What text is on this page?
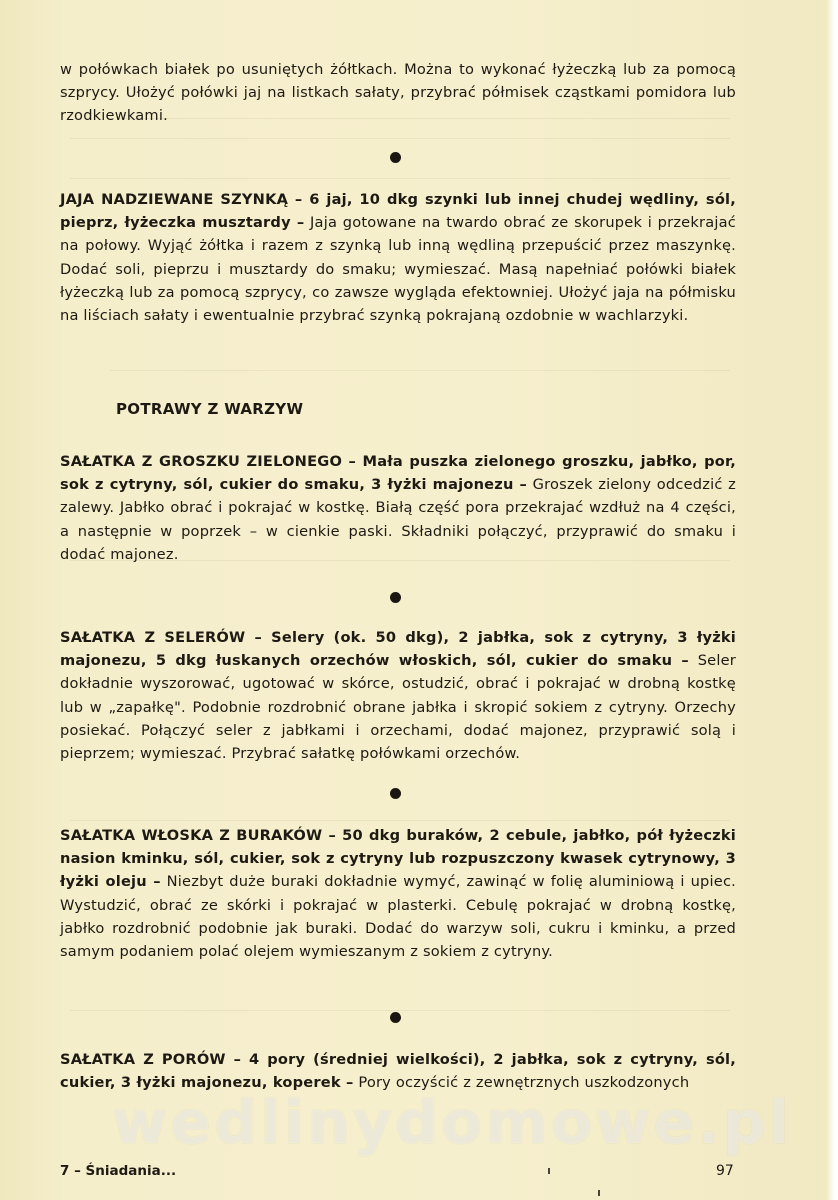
w połówkach białek po usuniętych żółtkach. Można to wykonać łyżeczką lub za pomocą szprycy. Ułożyć połówki jaj na listkach sałaty, przybrać półmisek cząstkami pomidora lub rzodkiewkami.

JAJA NADZIEWANE SZYNKĄ – 6 jaj, 10 dkg szynki lub innej chudej wędliny, sól, pieprz, łyżeczka musztardy – Jaja gotowane na twardo obrać ze skorupek i przekrajać na połowy. Wyjąć żółtka i razem z szynką lub inną wędliną przepuścić przez maszynkę. Dodać soli, pieprzu i musztardy do smaku; wymieszać. Masą napełniać połówki białek łyżeczką lub za pomocą szprycy, co zawsze wygląda efektowniej. Ułożyć jaja na półmisku na liściach sałaty i ewentualnie przybrać szynką pokrajaną ozdobnie w wachlarzyki.

POTRAWY Z WARZYW

SAŁATKA Z GROSZKU ZIELONEGO – Mała puszka zielonego groszku, jabłko, por, sok z cytryny, sól, cukier do smaku, 3 łyżki majonezu – Groszek zielony odcedzić z zalewy. Jabłko obrać i pokrajać w kostkę. Białą część pora przekrajać wzdłuż na 4 części, a następnie w poprzek – w cienkie paski. Składniki połączyć, przyprawić do smaku i dodać majonez.

SAŁATKA Z SELERÓW – Selery (ok. 50 dkg), 2 jabłka, sok z cytryny, 3 łyżki majonezu, 5 dkg łuskanych orzechów włoskich, sól, cukier do smaku – Seler dokładnie wyszorować, ugotować w skórce, ostudzić, obrać i pokrajać w drobną kostkę lub w „zapałkę". Podobnie rozdrobnić obrane jabłka i skropić sokiem z cytryny. Orzechy posiekać. Połączyć seler z jabłkami i orzechami, dodać majonez, przyprawić solą i pieprzem; wymieszać. Przybrać sałatkę połówkami orzechów.

SAŁATKA WŁOSKA Z BURAKÓW – 50 dkg buraków, 2 cebule, jabłko, pół łyżeczki nasion kminku, sól, cukier, sok z cytryny lub rozpuszczony kwasek cytrynowy, 3 łyżki oleju – Niezbyt duże buraki dokładnie wymyć, zawinąć w folię aluminiową i upiec. Wystudzić, obrać ze skórki i pokrajać w plasterki. Cebulę pokrajać w drobną kostkę, jabłko rozdrobnić podobnie jak buraki. Dodać do warzyw soli, cukru i kminku, a przed samym podaniem polać olejem wymieszanym z sokiem z cytryny.

SAŁATKA Z PORÓW – 4 pory (średniej wielkości), 2 jabłka, sok z cytryny, sól, cukier, 3 łyżki majonezu, koperek – Pory oczyścić z zewnętrznych uszkodzonych

wedlinydomowe.pl
7 – Śniadania...	97
